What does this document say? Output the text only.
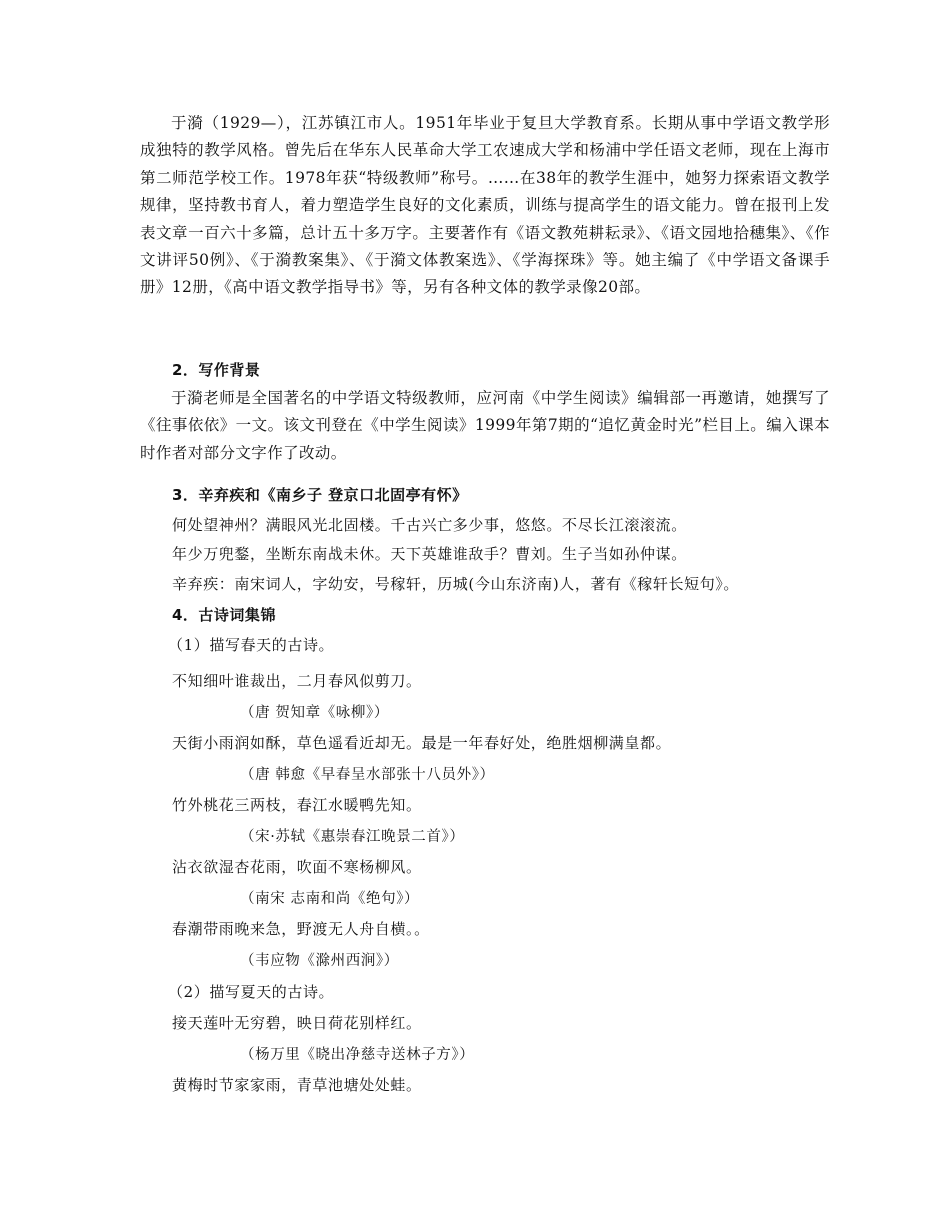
于漪（1929—），江苏镇江市人。1951年毕业于复旦大学教育系。长期从事中学语文教学形成独特的教学风格。曾先后在华东人民革命大学工农速成大学和杨浦中学任语文老师，现在上海市第二师范学校工作。1978年获“特级教师”称号。……在38年的教学生涯中，她努力探索语文教学规律，坚持教书育人，着力塑造学生良好的文化素质，训练与提高学生的语文能力。曾在报刊上发表文章一百六十多篇，总计五十多万字。主要著作有《语文教苑耕耘录》、《语文园地拾穗集》、《作文讲评50例》、《于漪教案集》、《于漪文体教案选》、《学海探珠》等。她主编了《中学语文备课手册》12册，《高中语文教学指导书》等，另有各种文体的教学录像20部。

2．写作背景

于漪老师是全国著名的中学语文特级教师，应河南《中学生阅读》编辑部一再邀请，她撰写了《往事依依》一文。该文刊登在《中学生阅读》1999年第7期的“追忆黄金时光”栏目上。编入课本时作者对部分文字作了改动。

3．辛弃疾和《南乡子 登京口北固亭有怀》

何处望神州？满眼风光北固楼。千古兴亡多少事，悠悠。不尽长江滚滚流。

年少万兜鍪，坐断东南战未休。天下英雄谁敌手？曹刘。生子当如孙仲谋。

辛弃疾：南宋词人，字幼安，号稼轩，历城(今山东济南)人，著有《稼轩长短句》。

4．古诗词集锦

（1）描写春天的古诗。

不知细叶谁裁出，二月春风似剪刀。

（唐 贺知章《咏柳》）

天街小雨润如酥，草色遥看近却无。最是一年春好处，绝胜烟柳满皇都。

（唐 韩愈《早春呈水部张十八员外》）

竹外桃花三两枝，春江水暖鸭先知。

（宋·苏轼《惠崇春江晚景二首》）

沾衣欲湿杏花雨，吹面不寒杨柳风。

（南宋 志南和尚《绝句》）

春潮带雨晚来急，野渡无人舟自横。。

（韦应物《滁州西涧》）

（2）描写夏天的古诗。

接天莲叶无穷碧，映日荷花别样红。

（杨万里《晓出净慈寺送林子方》）

黄梅时节家家雨，青草池塘处处蛙。
